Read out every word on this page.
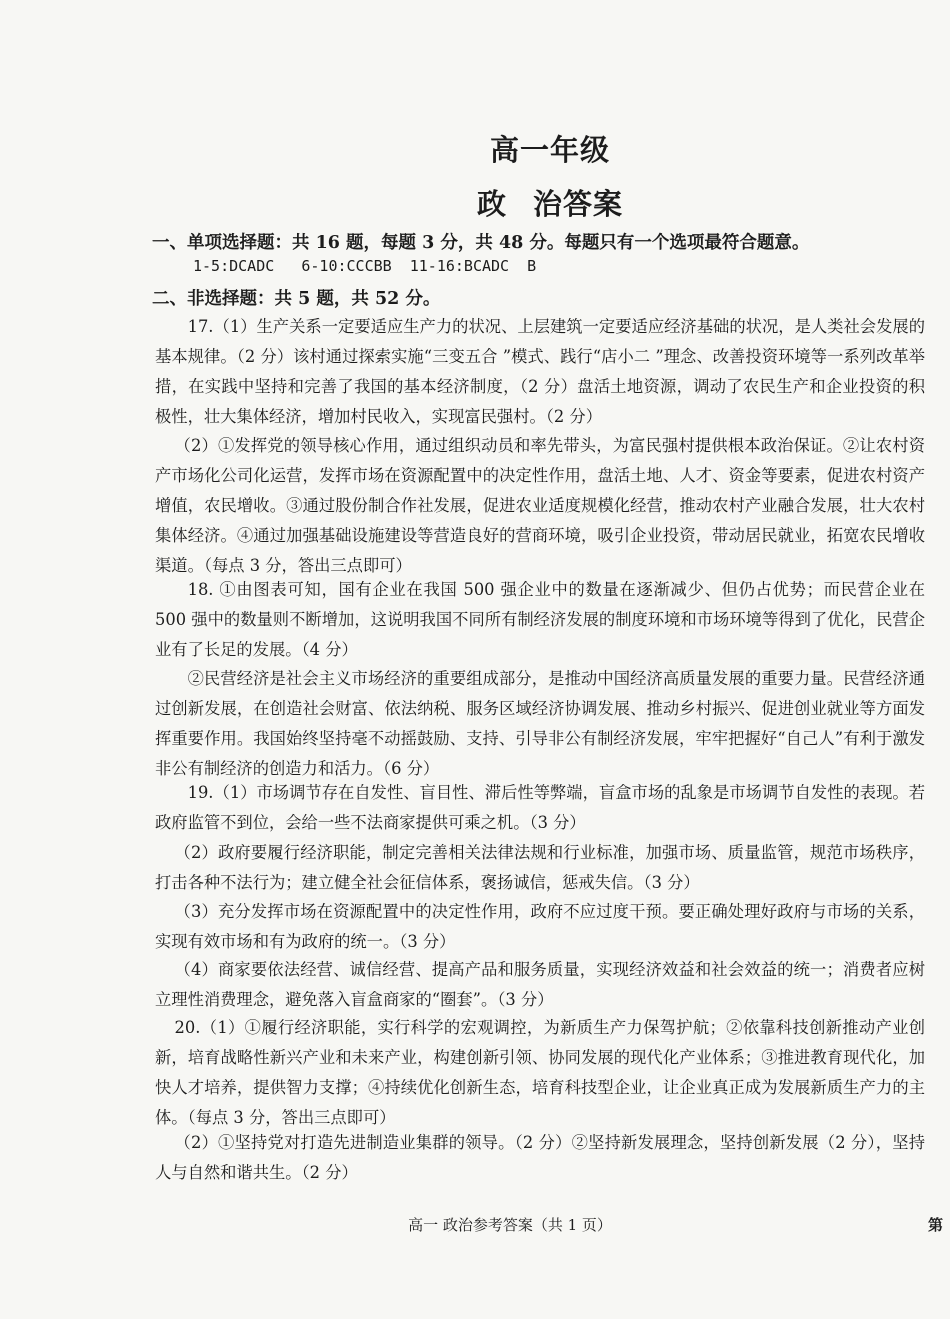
高一年级
政 治答案
一、单项选择题：共 16 题，每题 3 分，共 48 分。每题只有一个选项最符合题意。
1-5:DCADC   6-10:CCCBB  11-16:BCADC  B
二、非选择题：共 5 题，共 52 分。

17.（1）生产关系一定要适应生产力的状况、上层建筑一定要适应经济基础的状况，是人类社会发展的基本规律。（2 分）该村通过探索实施“三变五合 ”模式、践行“店小二 ”理念、改善投资环境等一系列改革举措，在实践中坚持和完善了我国的基本经济制度，（2 分）盘活土地资源，调动了农民生产和企业投资的积极性，壮大集体经济，增加村民收入，实现富民强村。（2 分）

（2）①发挥党的领导核心作用，通过组织动员和率先带头，为富民强村提供根本政治保证。②让农村资产市场化公司化运营，发挥市场在资源配置中的决定性作用，盘活土地、人才、资金等要素，促进农村资产增值，农民增收。③通过股份制合作社发展，促进农业适度规模化经营，推动农村产业融合发展，壮大农村集体经济。④通过加强基础设施建设等营造良好的营商环境，吸引企业投资，带动居民就业，拓宽农民增收渠道。（每点 3 分，答出三点即可）

18. ①由图表可知，国有企业在我国 500 强企业中的数量在逐渐减少、但仍占优势；而民营企业在 500 强中的数量则不断增加，这说明我国不同所有制经济发展的制度环境和市场环境等得到了优化，民营企业有了长足的发展。（4 分）

②民营经济是社会主义市场经济的重要组成部分，是推动中国经济高质量发展的重要力量。民营经济通过创新发展，在创造社会财富、依法纳税、服务区域经济协调发展、推动乡村振兴、促进创业就业等方面发挥重要作用。我国始终坚持毫不动摇鼓励、支持、引导非公有制经济发展，牢牢把握好“自己人”有利于激发非公有制经济的创造力和活力。（6 分）

19.（1）市场调节存在自发性、盲目性、滞后性等弊端，盲盒市场的乱象是市场调节自发性的表现。若政府监管不到位，会给一些不法商家提供可乘之机。（3 分）

（2）政府要履行经济职能，制定完善相关法律法规和行业标准，加强市场、质量监管，规范市场秩序，打击各种不法行为；建立健全社会征信体系，褒扬诚信，惩戒失信。（3 分）

（3）充分发挥市场在资源配置中的决定性作用，政府不应过度干预。要正确处理好政府与市场的关系，实现有效市场和有为政府的统一。（3 分）

（4）商家要依法经营、诚信经营、提高产品和服务质量，实现经济效益和社会效益的统一；消费者应树立理性消费理念，避免落入盲盒商家的“圈套”。（3 分）

20.（1）①履行经济职能，实行科学的宏观调控，为新质生产力保驾护航；②依靠科技创新推动产业创新，培育战略性新兴产业和未来产业，构建创新引领、协同发展的现代化产业体系；③推进教育现代化，加快人才培养，提供智力支撑；④持续优化创新生态，培育科技型企业，让企业真正成为发展新质生产力的主体。（每点 3 分，答出三点即可）

（2）①坚持党对打造先进制造业集群的领导。（2 分）②坚持新发展理念，坚持创新发展（2 分），坚持人与自然和谐共生。（2 分）

高一 政治参考答案（共 1 页）	第
